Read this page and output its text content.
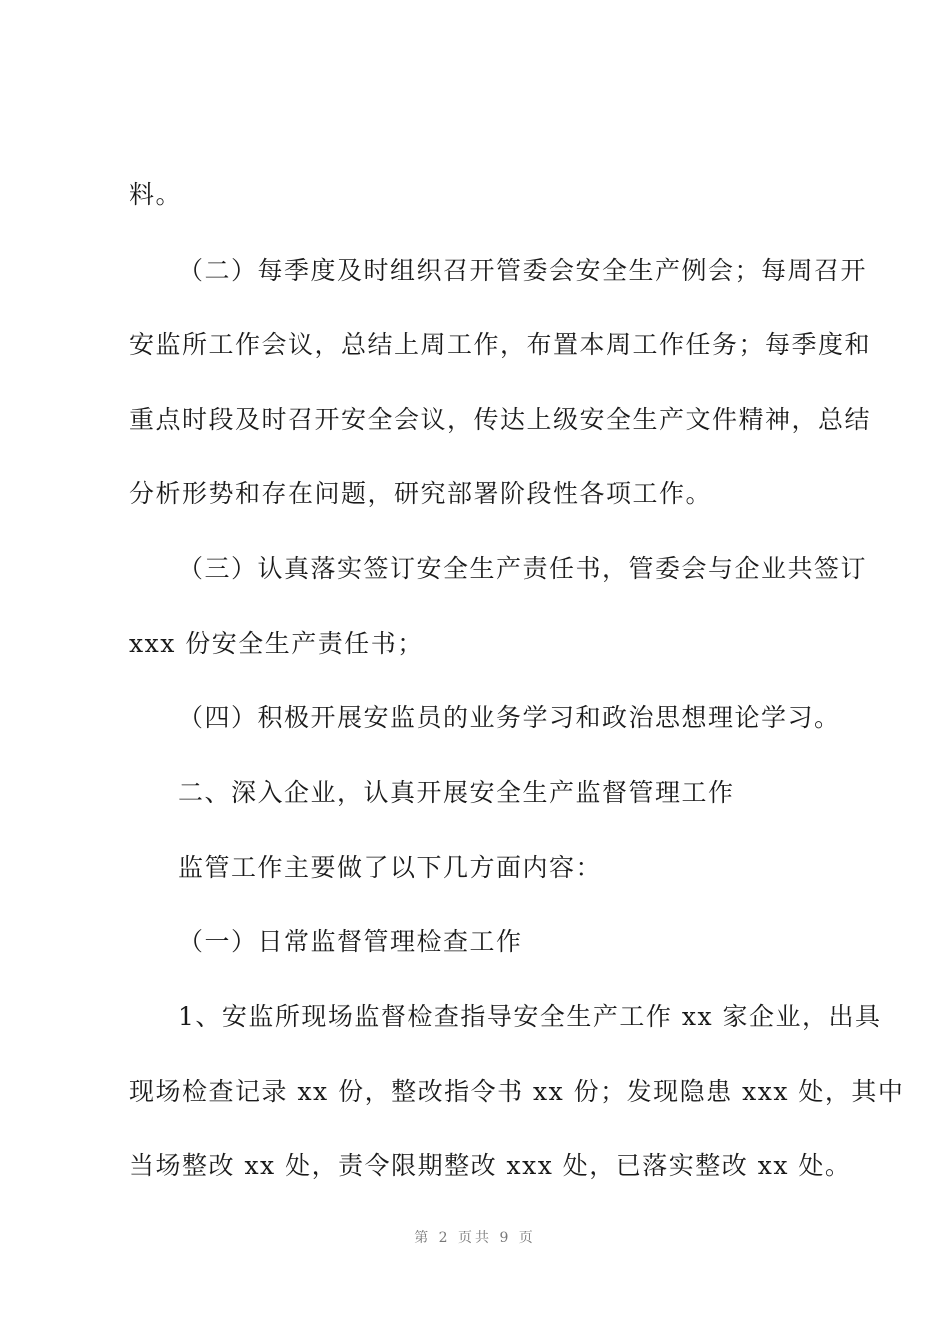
料。
（二）每季度及时组织召开管委会安全生产例会；每周召开
安监所工作会议，总结上周工作，布置本周工作任务；每季度和
重点时段及时召开安全会议，传达上级安全生产文件精神，总结
分析形势和存在问题，研究部署阶段性各项工作。
（三）认真落实签订安全生产责任书，管委会与企业共签订
xxx 份安全生产责任书；
（四）积极开展安监员的业务学习和政治思想理论学习。
二、深入企业，认真开展安全生产监督管理工作
监管工作主要做了以下几方面内容：
（一）日常监督管理检查工作
1、安监所现场监督检查指导安全生产工作 xx 家企业，出具
现场检查记录 xx 份，整改指令书 xx 份；发现隐患 xxx 处，其中
当场整改 xx 处，责令限期整改 xxx 处，已落实整改 xx 处。
第 2 页共 9 页
